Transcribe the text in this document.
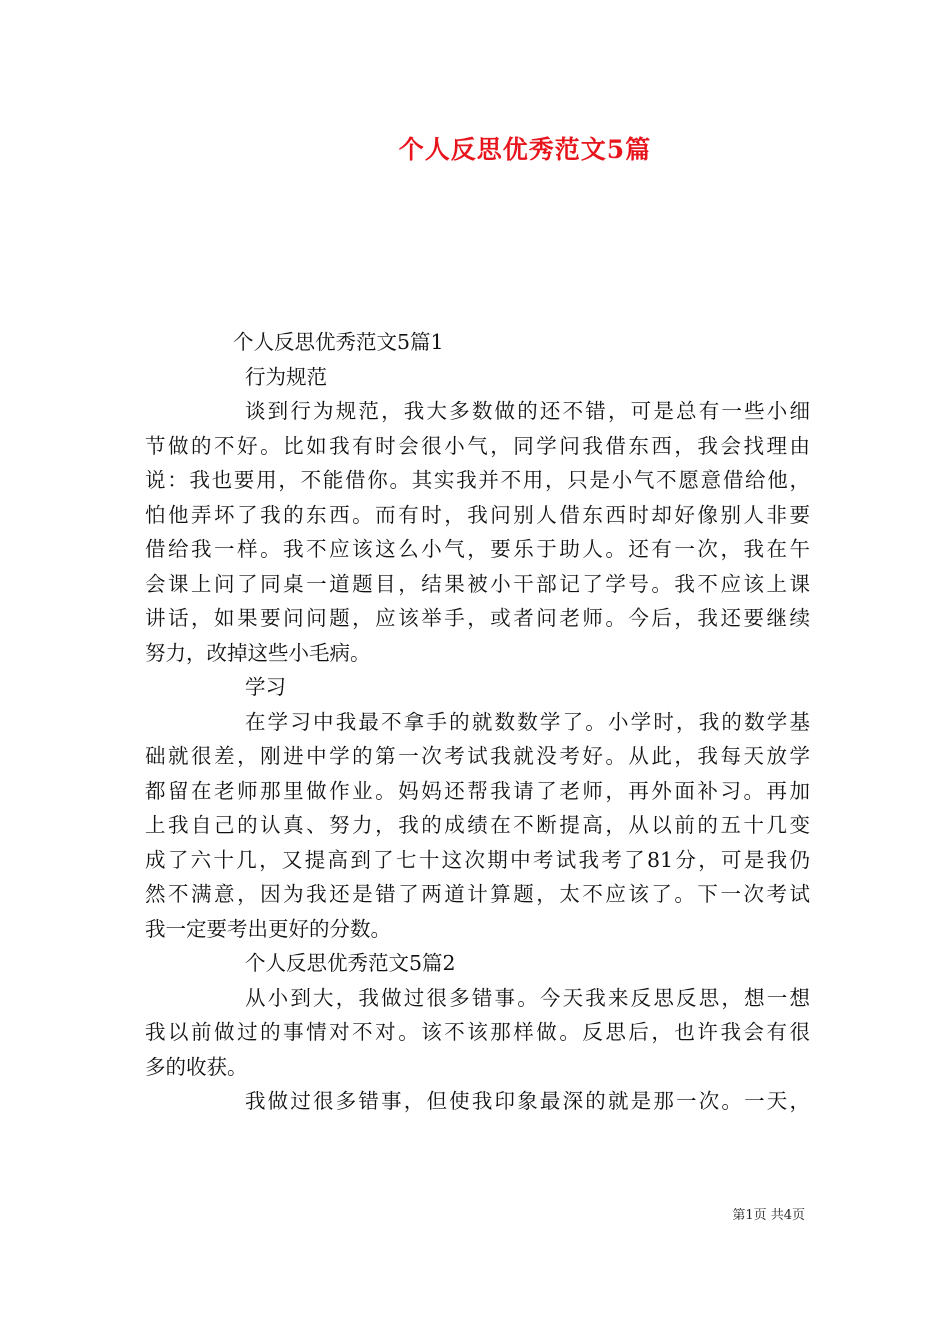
个人反思优秀范文5篇
个人反思优秀范文5篇1
行为规范
谈到行为规范，我大多数做的还不错，可是总有一些小细
节做的不好。比如我有时会很小气，同学问我借东西，我会找理由
说：我也要用，不能借你。其实我并不用，只是小气不愿意借给他，
怕他弄坏了我的东西。而有时，我问别人借东西时却好像别人非要
借给我一样。我不应该这么小气，要乐于助人。还有一次，我在午
会课上问了同桌一道题目，结果被小干部记了学号。我不应该上课
讲话，如果要问问题，应该举手，或者问老师。今后，我还要继续
努力，改掉这些小毛病。
学习
在学习中我最不拿手的就数数学了。小学时，我的数学基
础就很差，刚进中学的第一次考试我就没考好。从此，我每天放学
都留在老师那里做作业。妈妈还帮我请了老师，再外面补习。再加
上我自己的认真、努力，我的成绩在不断提高，从以前的五十几变
成了六十几，又提高到了七十这次期中考试我考了81分，可是我仍
然不满意，因为我还是错了两道计算题，太不应该了。下一次考试
我一定要考出更好的分数。
个人反思优秀范文5篇2
从小到大，我做过很多错事。今天我来反思反思，想一想
我以前做过的事情对不对。该不该那样做。反思后，也许我会有很
多的收获。
我做过很多错事，但使我印象最深的就是那一次。一天，
第1页 共4页
